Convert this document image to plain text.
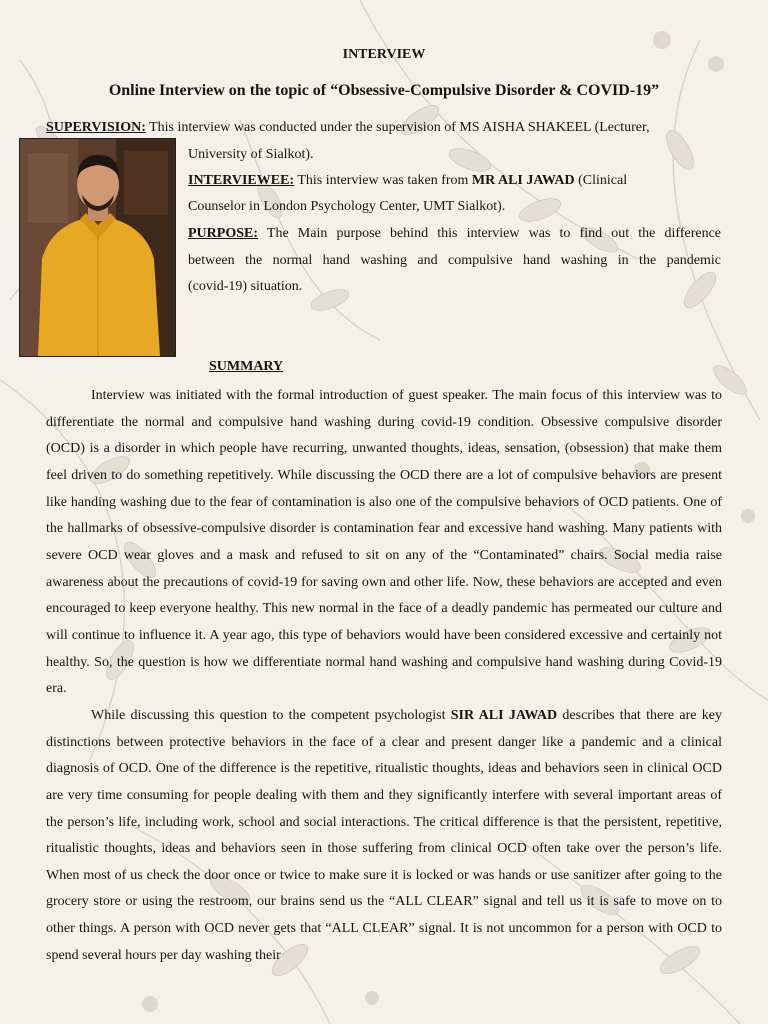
INTERVIEW
Online Interview on the topic of “Obsessive-Compulsive Disorder & COVID-19”
SUPERVISION: This interview was conducted under the supervision of MS AISHA SHAKEEL (Lecturer,
University of Sialkot).
INTERVIEWEE: This interview was taken from MR ALI JAWAD (Clinical
Counselor in London Psychology Center, UMT Sialkot).
PURPOSE: The Main purpose behind this interview was to find out the difference
between the normal hand washing and compulsive hand washing in the pandemic
(covid-19) situation.
SUMMARY

Interview was initiated with the formal introduction of guest speaker. The main focus of this interview was to differentiate the normal and compulsive hand washing during covid-19 condition. Obsessive compulsive disorder (OCD) is a disorder in which people have recurring, unwanted thoughts, ideas, sensation, (obsession) that make them feel driven to do something repetitively. While discussing the OCD there are a lot of compulsive behaviors are present like handing washing due to the fear of contamination is also one of the compulsive behaviors of OCD patients. One of the hallmarks of obsessive-compulsive disorder is contamination fear and excessive hand washing. Many patients with severe OCD wear gloves and a mask and refused to sit on any of the “Contaminated” chairs. Social media raise awareness about the precautions of covid-19 for saving own and other life. Now, these behaviors are accepted and even encouraged to keep everyone healthy. This new normal in the face of a deadly pandemic has permeated our culture and will continue to influence it. A year ago, this type of behaviors would have been considered excessive and certainly not healthy. So, the question is how we differentiate normal hand washing and compulsive hand washing during Covid-19 era.

While discussing this question to the competent psychologist SIR ALI JAWAD describes that there are key distinctions between protective behaviors in the face of a clear and present danger like a pandemic and a clinical diagnosis of OCD. One of the difference is the repetitive, ritualistic thoughts, ideas and behaviors seen in clinical OCD are very time consuming for people dealing with them and they significantly interfere with several important areas of the person’s life, including work, school and social interactions. The critical difference is that the persistent, repetitive, ritualistic thoughts, ideas and behaviors seen in those suffering from clinical OCD often take over the person’s life. When most of us check the door once or twice to make sure it is locked or was hands or use sanitizer after going to the grocery store or using the restroom, our brains send us the “ALL CLEAR” signal and tell us it is safe to move on to other things. A person with OCD never gets that “ALL CLEAR” signal. It is not uncommon for a person with OCD to spend several hours per day washing their
